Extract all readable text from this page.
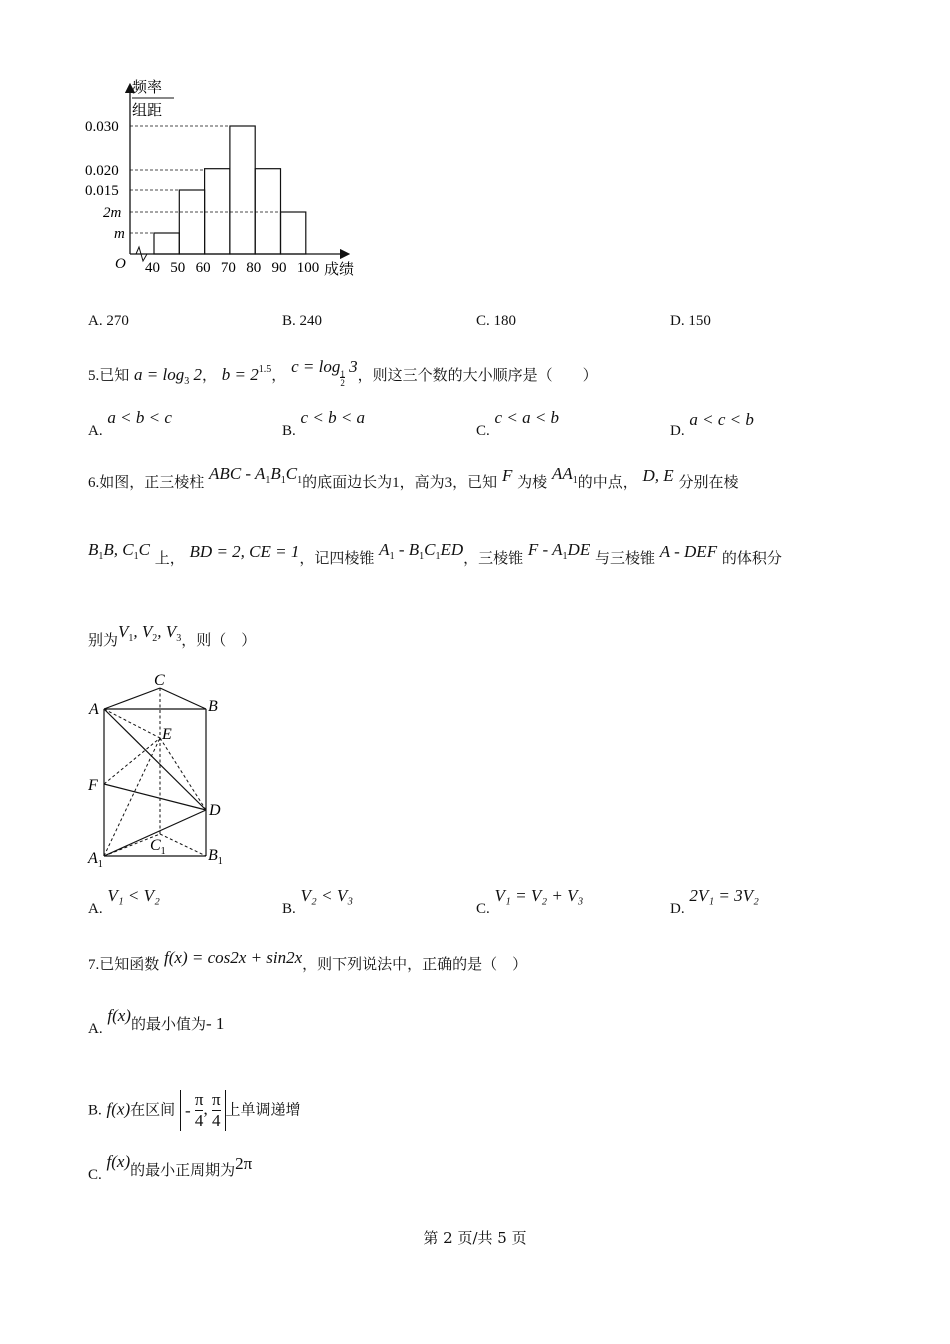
频率
组距
0.030
0.020
0.015
2m
m
O 40 50 60 70 80 90 100 成绩
A. 270	B. 240	C. 180	D. 150
5.已知 $a = \log_3 2$， $b = 2^{1.5}$， $c = \log\frac{1}{2} 3$，则这三个数的大小顺序是（　　）
A. a < b < c
B. c < b < a
C. c < a < b
D. a < c < b
6.如图，正三棱柱 ABC - $A_1B_1C_1$的底面边长为1，高为3，已知 F 为棱 $AA_1$的中点， D, E 分别在棱
$B_1B$, $C_1C$ 上， BD = 2, CE = 1，记四棱锥 $A_1 - B_1C_1ED$，三棱锥 F - $A_1DE$ 与三棱锥 A - DEF 的体积分
别为$V_1$, $V_2$, $V_3$，则（　）
C
A	B
E
F
D
$C_1$
$A_1$
$B_1$
A. V₁ < V₂
B. V₂ < V₃
C. V₁ = V₂ + V₃
D. 2V₁ = 3V₂
7.已知函数 f(x) = cos2x + sin2x，则下列说法中，正确的是（　）
A. f(x)的最小值为- 1
B. f(x)在区间 - π

4
, π

4
上单调递增
C. f(x)的最小正周期为2π
第 2 页/共 5 页
